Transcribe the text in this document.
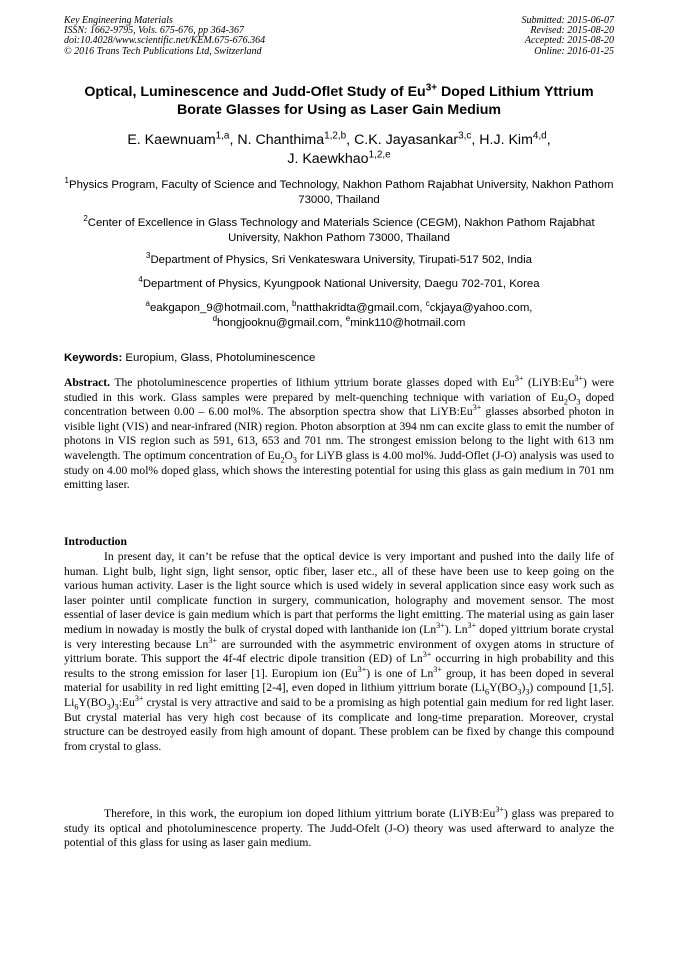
Key Engineering Materials
ISSN: 1662-9795, Vols. 675-676, pp 364-367
doi:10.4028/www.scientific.net/KEM.675-676.364
© 2016 Trans Tech Publications Ltd, Switzerland
Submitted: 2015-06-07
Revised: 2015-08-20
Accepted: 2015-08-20
Online: 2016-01-25
Optical, Luminescence and Judd-Oflet Study of $Eu^{3+}$ Doped Lithium Yttrium Borate Glasses for Using as Laser Gain Medium
E. Kaewnuam$^{1,a}$, N. Chanthima$^{1,2,b}$, C.K. Jayasankar$^{3,c}$, H.J. Kim$^{4,d}$,
J. Kaewkhao$^{1,2,e}$
$^1$Physics Program, Faculty of Science and Technology, Nakhon Pathom Rajabhat University, Nakhon Pathom 73000, Thailand
$^2$Center of Excellence in Glass Technology and Materials Science (CEGM), Nakhon Pathom Rajabhat University, Nakhon Pathom 73000, Thailand
$^3$Department of Physics, Sri Venkateswara University, Tirupati-517 502, India
$^4$Department of Physics, Kyungpook National University, Daegu 702-701, Korea
$^a$eakgapon_9@hotmail.com, $^b$natthakridta@gmail.com, $^c$ckjaya@yahoo.com,
$^d$hongjooknu@gmail.com, $^e$mink110@hotmail.com
Keywords: Europium, Glass, Photoluminescence
Abstract. The photoluminescence properties of lithium yttrium borate glasses doped with $Eu^{3+}$ $(LiYB:Eu^{3+})$ were studied in this work. Glass samples were prepared by melt-quenching technique with variation of $Eu_2O_3$ doped concentration between 0.00 – 6.00 mol%. The absorption spectra show that $LiYB:Eu^{3+}$ glasses absorbed photon in visible light (VIS) and near-infrared (NIR) region. Photon absorption at 394 nm can excite glass to emit the number of photons in VIS region such as 591, 613, 653 and 701 nm. The strongest emission belong to the light with 613 nm wavelength. The optimum concentration of $Eu_2O_3$ for LiYB glass is 4.00 mol%. Judd-Oflet (J-O) analysis was used to study on 4.00 mol% doped glass, which shows the interesting potential for using this glass as gain medium in 701 nm emitting laser.
Introduction
In present day, it can’t be refuse that the optical device is very important and pushed into the daily life of human. Light bulb, light sign, light sensor, optic fiber, laser etc., all of these have been use to keep going on the various human activity. Laser is the light source which is used widely in several application since easy work such as laser pointer until complicate function in surgery, communication, holography and movement sensor. The most essential of laser device is gain medium which is part that performs the light emitting. The material using as gain laser medium in nowaday is mostly the bulk of crystal doped with lanthanide ion $(Ln^{3+})$. $Ln^{3+}$ doped yittrium borate crystal is very interesting because $Ln^{3+}$ are surrounded with the asymmetric environment of oxygen atoms in structure of yittrium borate. This support the 4f-4f electric dipole transition (ED) of $Ln^{3+}$ occurring in high probability and this results to the strong emission for laser [1]. Europium ion $(Eu^{3+})$ is one of $Ln^{3+}$ group, it has been doped in several material for usability in red light emitting [2-4], even doped in lithium yittrium borate $(Li_6Y(BO_3)_3)$ compound [1,5]. $Li_6Y(BO_3)_3:Eu^{3+}$ crystal is very attractive and said to be a promising as high potential gain medium for red light laser. But crystal material has very high cost because of its complicate and long-time preparation. Moreover, crystal structure can be destroyed easily from high amount of dopant. These problem can be fixed by change this compound from crystal to glass.
Therefore, in this work, the europium ion doped lithium yittrium borate $(LiYB:Eu^{3+})$ glass was prepared to study its optical and photoluminescence property. The Judd-Ofelt (J-O) theory was used afterward to analyze the potential of this glass for using as laser gain medium.
